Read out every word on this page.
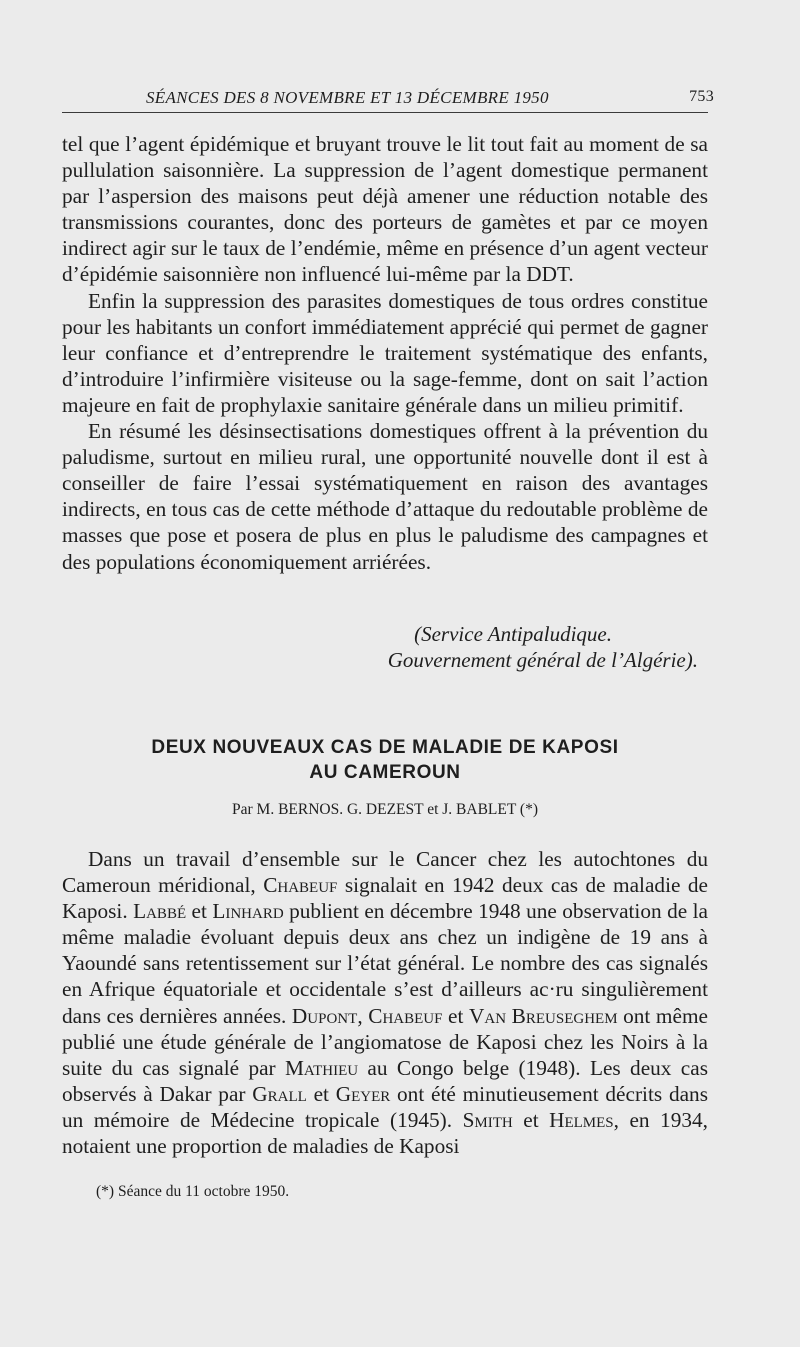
SÉANCES DES 8 NOVEMBRE ET 13 DÉCEMBRE 1950	753

tel que l’agent épidémique et bruyant trouve le lit tout fait au moment de sa pullulation saisonnière. La suppression de l’agent domestique permanent par l’aspersion des maisons peut déjà amener une réduction notable des transmissions courantes, donc des porteurs de gamètes et par ce moyen indirect agir sur le taux de l’endémie, même en présence d’un agent vecteur d’épidémie saisonnière non influencé lui-même par la DDT.

Enfin la suppression des parasites domestiques de tous ordres constitue pour les habitants un confort immédiatement apprécié qui permet de gagner leur confiance et d’entreprendre le traitement systématique des enfants, d’introduire l’infirmière visiteuse ou la sage-femme, dont on sait l’action majeure en fait de prophylaxie sanitaire générale dans un milieu primitif.

En résumé les désinsectisations domestiques offrent à la prévention du paludisme, surtout en milieu rural, une opportunité nouvelle dont il est à conseiller de faire l’essai systématiquement en raison des avantages indirects, en tous cas de cette méthode d’attaque du redoutable problème de masses que pose et posera de plus en plus le paludisme des campagnes et des populations économiquement arriérées.

(Service Antipaludique.
Gouvernement général de l’Algérie).
DEUX NOUVEAUX CAS DE MALADIE DE KAPOSI
AU CAMEROUN
Par M. BERNOS. G. DEZEST et J. BABLET (*)

Dans un travail d’ensemble sur le Cancer chez les autochtones du Cameroun méridional, Chabeuf signalait en 1942 deux cas de maladie de Kaposi. Labbé et Linhard publient en décembre 1948 une observation de la même maladie évoluant depuis deux ans chez un indigène de 19 ans à Yaoundé sans retentissement sur l’état général. Le nombre des cas signalés en Afrique équatoriale et occidentale s’est d’ailleurs ac·ru singulièrement dans ces dernières années. Dupont, Chabeuf et Van Breuseghem ont même publié une étude générale de l’angiomatose de Kaposi chez les Noirs à la suite du cas signalé par Mathieu au Congo belge (1948). Les deux cas observés à Dakar par Grall et Geyer ont été minutieusement décrits dans un mémoire de Médecine tropicale (1945). Smith et Helmes, en 1934, notaient une proportion de maladies de Kaposi

(*) Séance du 11 octobre 1950.
